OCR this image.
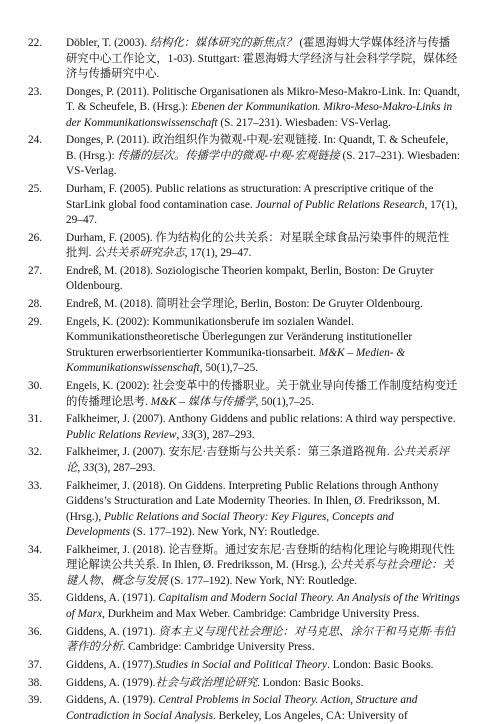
22.	Döbler, T. (2003). 结构化：媒体研究的新焦点？ (霍恩海姆大学媒体经济与传播研究中心工作论文，1-03). Stuttgart: 霍恩海姆大学经济与社会科学学院，媒体经济与传播研究中心.
23.	Donges, P. (2011). Politische Organisationen als Mikro-Meso-Makro-Link. In: Quandt, T. & Scheufele, B. (Hrsg.): Ebenen der Kommunikation. Mikro-Meso-Makro-Links in der Kommunikationswissenschaft (S. 217–231). Wiesbaden: VS-Verlag.
24.	Donges, P. (2011). 政治组织作为微观-中观-宏观链接. In: Quandt, T. & Scheufele, B. (Hrsg.): 传播的层次。传播学中的微观-中观-宏观链接 (S. 217–231). Wiesbaden: VS-Verlag.
25.	Durham, F. (2005). Public relations as structuration: A prescriptive critique of the StarLink global food contamination case. Journal of Public Relations Research, 17(1), 29–47.
26.	Durham, F. (2005). 作为结构化的公共关系：对星联全球食品污染事件的规范性批判. 公共关系研究杂志, 17(1), 29–47.
27.	Endreß, M. (2018). Soziologische Theorien kompakt, Berlin, Boston: De Gruyter Oldenbourg.
28.	Endreß, M. (2018). 简明社会学理论, Berlin, Boston: De Gruyter Oldenbourg.
29.	Engels, K. (2002): Kommunikationsberufe im sozialen Wandel. Kommunikationstheoretische Überlegungen zur Veränderung institutioneller Strukturen erwerbsorientierter Kommunika-tionsarbeit. M&K – Medien- & Kommunikationswissenschaft, 50(1),7–25.
30.	Engels, K. (2002): 社会变革中的传播职业。关于就业导向传播工作制度结构变迁的传播理论思考. M&K – 媒体与传播学, 50(1),7–25.
31.	Falkheimer, J. (2007). Anthony Giddens and public relations: A third way perspective. Public Relations Review, 33(3), 287–293.
32.	Falkheimer, J. (2007). 安东尼·吉登斯与公共关系：第三条道路视角. 公共关系评论, 33(3), 287–293.
33.	Falkheimer, J. (2018). On Giddens. Interpreting Public Relations through Anthony Giddens’s Structuration and Late Modernity Theories. In Ihlen, Ø. Fredriksson, M. (Hrsg.), Public Relations and Social Theory: Key Figures, Concepts and Developments (S. 177–192). New York, NY: Routledge.
34.	Falkheimer, J. (2018). 论吉登斯。通过安东尼·吉登斯的结构化理论与晚期现代性理论解读公共关系. In Ihlen, Ø. Fredriksson, M. (Hrsg.), 公共关系与社会理论：关键人物、概念与发展 (S. 177–192). New York, NY: Routledge.
35.	Giddens, A. (1971). Capitalism and Modern Social Theory. An Analysis of the Writings of Marx, Durkheim and Max Weber. Cambridge: Cambridge University Press.
36.	Giddens, A. (1971). 资本主义与现代社会理论：对马克思、涂尔干和马克斯·韦伯著作的分析. Cambridge: Cambridge University Press.
37.	Giddens, A. (1977).Studies in Social and Political Theory. London: Basic Books.
38.	Giddens, A. (1979).社会与政治理论研究. London: Basic Books.
39.	Giddens, A. (1979). Central Problems in Social Theory. Action, Structure and Contradiction in Social Analysis. Berkeley, Los Angeles, CA: University of
